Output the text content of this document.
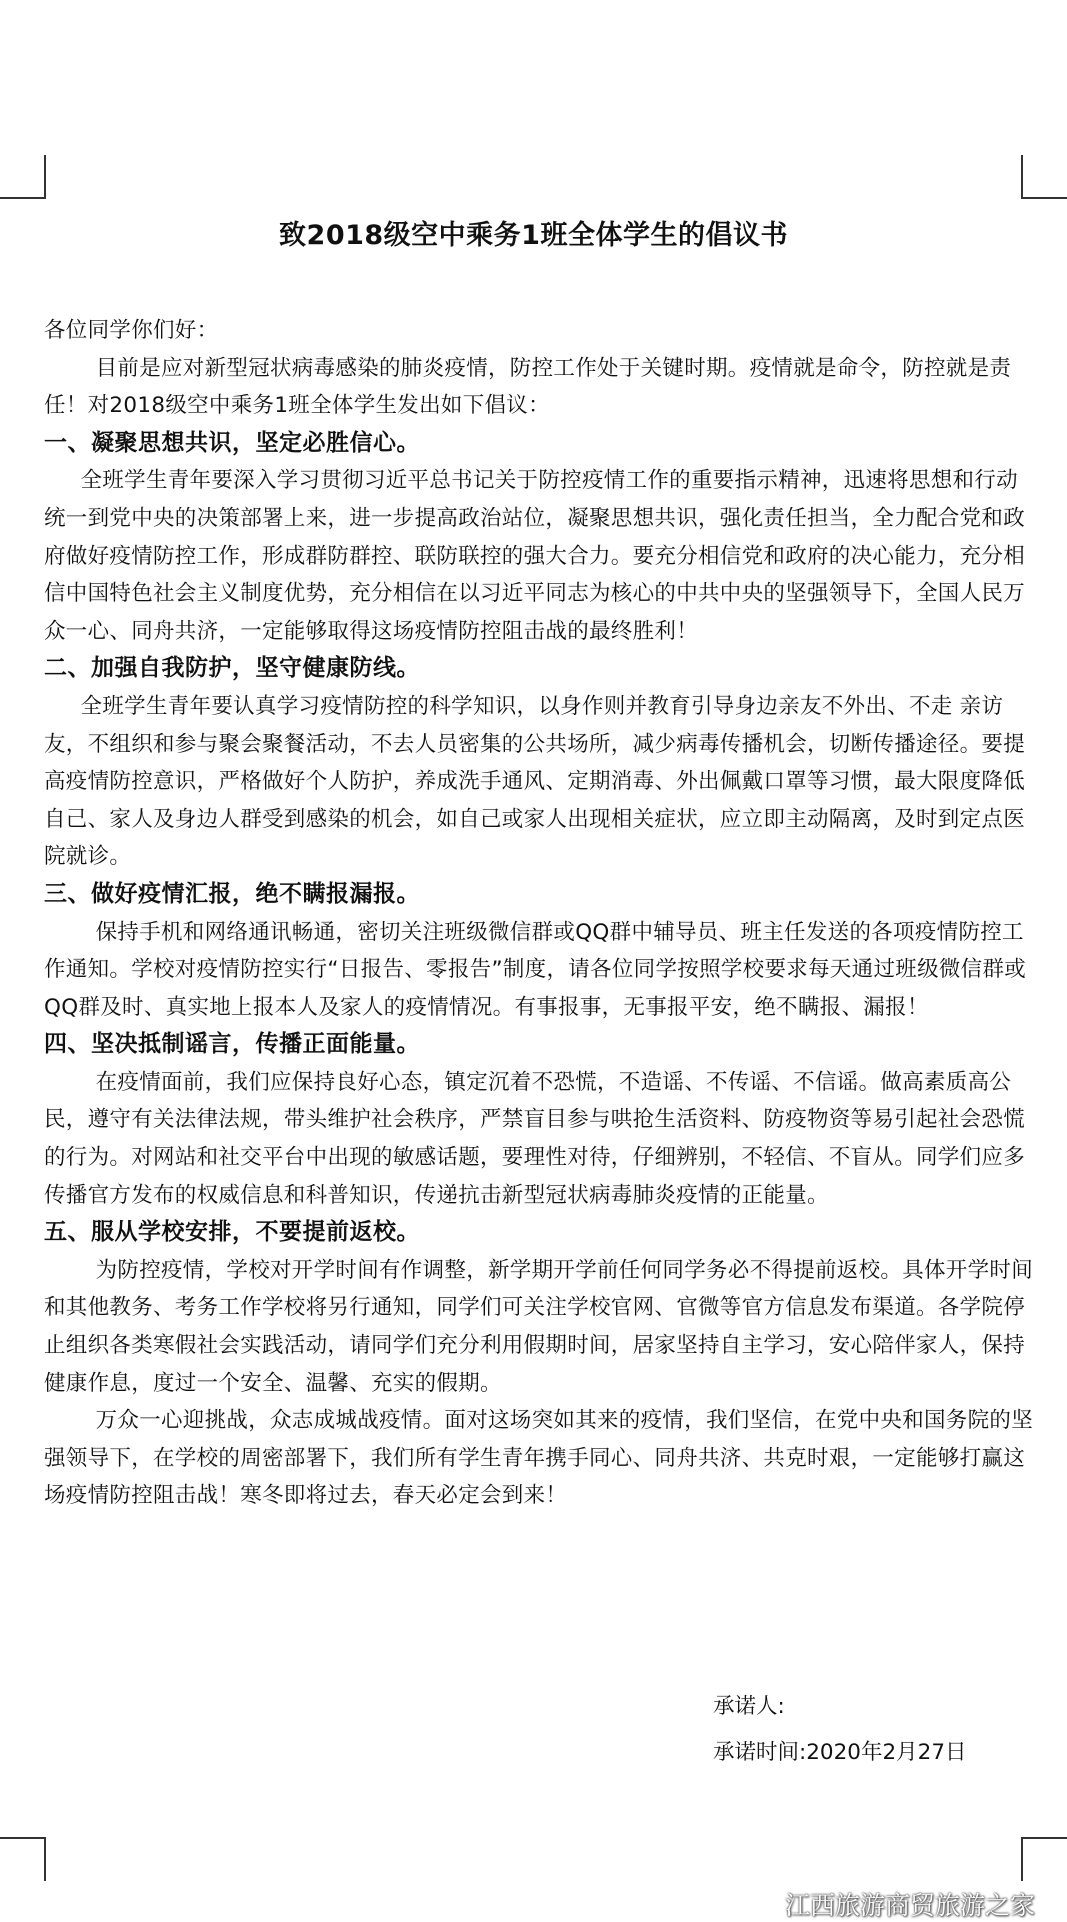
致2018级空中乘务1班全体学生的倡议书

各位同学你们好：

目前是应对新型冠状病毒感染的肺炎疫情，防控工作处于关键时期。疫情就是命令，防控就是责任！对2018级空中乘务1班全体学生发出如下倡议：

一、凝聚思想共识，坚定必胜信心。

全班学生青年要深入学习贯彻习近平总书记关于防控疫情工作的重要指示精神，迅速将思想和行动统一到党中央的决策部署上来，进一步提高政治站位，凝聚思想共识，强化责任担当，全力配合党和政府做好疫情防控工作，形成群防群控、联防联控的强大合力。要充分相信党和政府的决心能力，充分相信中国特色社会主义制度优势，充分相信在以习近平同志为核心的中共中央的坚强领导下，全国人民万众一心、同舟共济，一定能够取得这场疫情防控阻击战的最终胜利！

二、加强自我防护，坚守健康防线。

全班学生青年要认真学习疫情防控的科学知识，以身作则并教育引导身边亲友不外出、不走 亲访友，不组织和参与聚会聚餐活动，不去人员密集的公共场所，减少病毒传播机会，切断传播途径。要提高疫情防控意识，严格做好个人防护，养成洗手通风、定期消毒、外出佩戴口罩等习惯，最大限度降低自己、家人及身边人群受到感染的机会，如自己或家人出现相关症状，应立即主动隔离，及时到定点医院就诊。

三、做好疫情汇报，绝不瞒报漏报。

保持手机和网络通讯畅通，密切关注班级微信群或QQ群中辅导员、班主任发送的各项疫情防控工作通知。学校对疫情防控实行“日报告、零报告”制度，请各位同学按照学校要求每天通过班级微信群或QQ群及时、真实地上报本人及家人的疫情情况。有事报事，无事报平安，绝不瞒报、漏报！

四、坚决抵制谣言，传播正面能量。

在疫情面前，我们应保持良好心态，镇定沉着不恐慌，不造谣、不传谣、不信谣。做高素质高公民，遵守有关法律法规，带头维护社会秩序，严禁盲目参与哄抢生活资料、防疫物资等易引起社会恐慌的行为。对网站和社交平台中出现的敏感话题，要理性对待，仔细辨别，不轻信、不盲从。同学们应多传播官方发布的权威信息和科普知识，传递抗击新型冠状病毒肺炎疫情的正能量。

五、服从学校安排，不要提前返校。

为防控疫情，学校对开学时间有作调整，新学期开学前任何同学务必不得提前返校。具体开学时间和其他教务、考务工作学校将另行通知，同学们可关注学校官网、官微等官方信息发布渠道。各学院停止组织各类寒假社会实践活动，请同学们充分利用假期时间，居家坚持自主学习，安心陪伴家人，保持健康作息，度过一个安全、温馨、充实的假期。

万众一心迎挑战，众志成城战疫情。面对这场突如其来的疫情，我们坚信，在党中央和国务院的坚强领导下，在学校的周密部署下，我们所有学生青年携手同心、同舟共济、共克时艰，一定能够打赢这场疫情防控阻击战！寒冬即将过去，春天必定会到来！

承诺人:

承诺时间:2020年2月27日

江西旅游商贸旅游之家
